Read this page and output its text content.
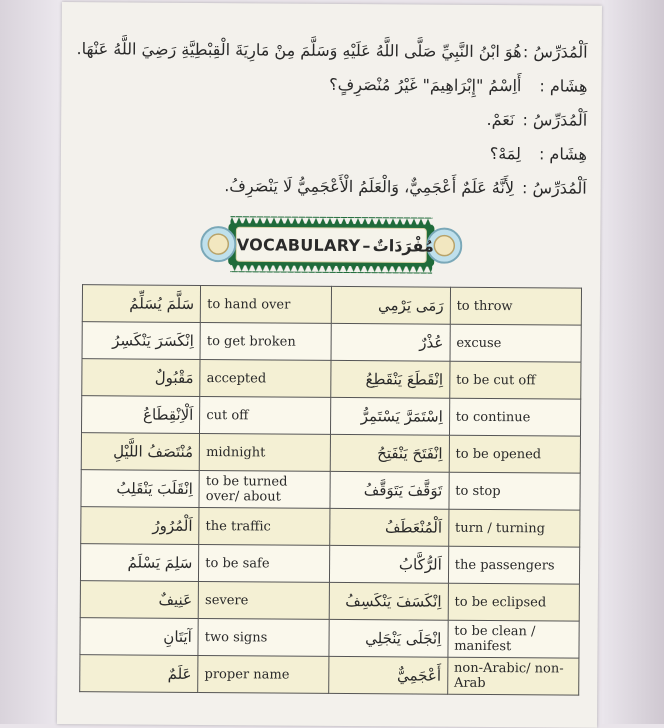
اَلْمُدَرِّسُ :
هُوَ ابْنُ النَّبِيِّ صَلَّى اللَّهُ عَلَيْهِ وَسَلَّمَ مِنْ مَارِيَةَ الْقِبْطِيَّةِ رَضِيَ اللَّهُ عَنْهَا.
هِشَام :
أَاِسْمُ "إِبْرَاهِيمَ" غَيْرُ مُنْصَرِفٍ؟
اَلْمُدَرِّسُ :
نَعَمْ.
هِشَام :
لِمَهْ؟
اَلْمُدَرِّسُ :
لِأَنَّهُ عَلَمٌ أَعْجَمِيٌّ، وَالْعَلَمُ الْأَعْجَمِيُّ لَا يَنْصَرِفُ.
VOCABULARY – مُفْرَدَاتٌ
سَلَّمَ يُسَلِّمُ	to hand over	رَمَى يَرْمِي	to throw
اِنْكَسَرَ يَنْكَسِرُ	to get broken	عُذْرٌ	excuse
مَقْبُولٌ	accepted	اِنْقَطَعَ يَنْقَطِعُ	to be cut off
اَلْاِنْقِطَاعُ	cut off	اِسْتَمَرَّ يَسْتَمِرُّ	to continue
مُنْتَصَفُ اللَّيْلِ	midnight	اِنْفَتَحَ يَنْفَتِحُ	to be opened
اِنْقَلَبَ يَنْقَلِبُ	to be turned over/ about	تَوَقَّفَ يَتَوَقَّفُ	to stop
اَلْمُرُورُ	the traffic	اَلْمُنْعَطَفُ	turn / turning
سَلِمَ يَسْلَمُ	to be safe	اَلرُّكَّابُ	the passengers
عَنِيفٌ	severe	اِنْكَسَفَ يَنْكَسِفُ	to be eclipsed
آيَتَانِ	two signs	اِنْجَلَى يَنْجَلِي	to be clean / manifest
عَلَمٌ	proper name	أَعْجَمِيٌّ	non-Arabic/ non-Arab
